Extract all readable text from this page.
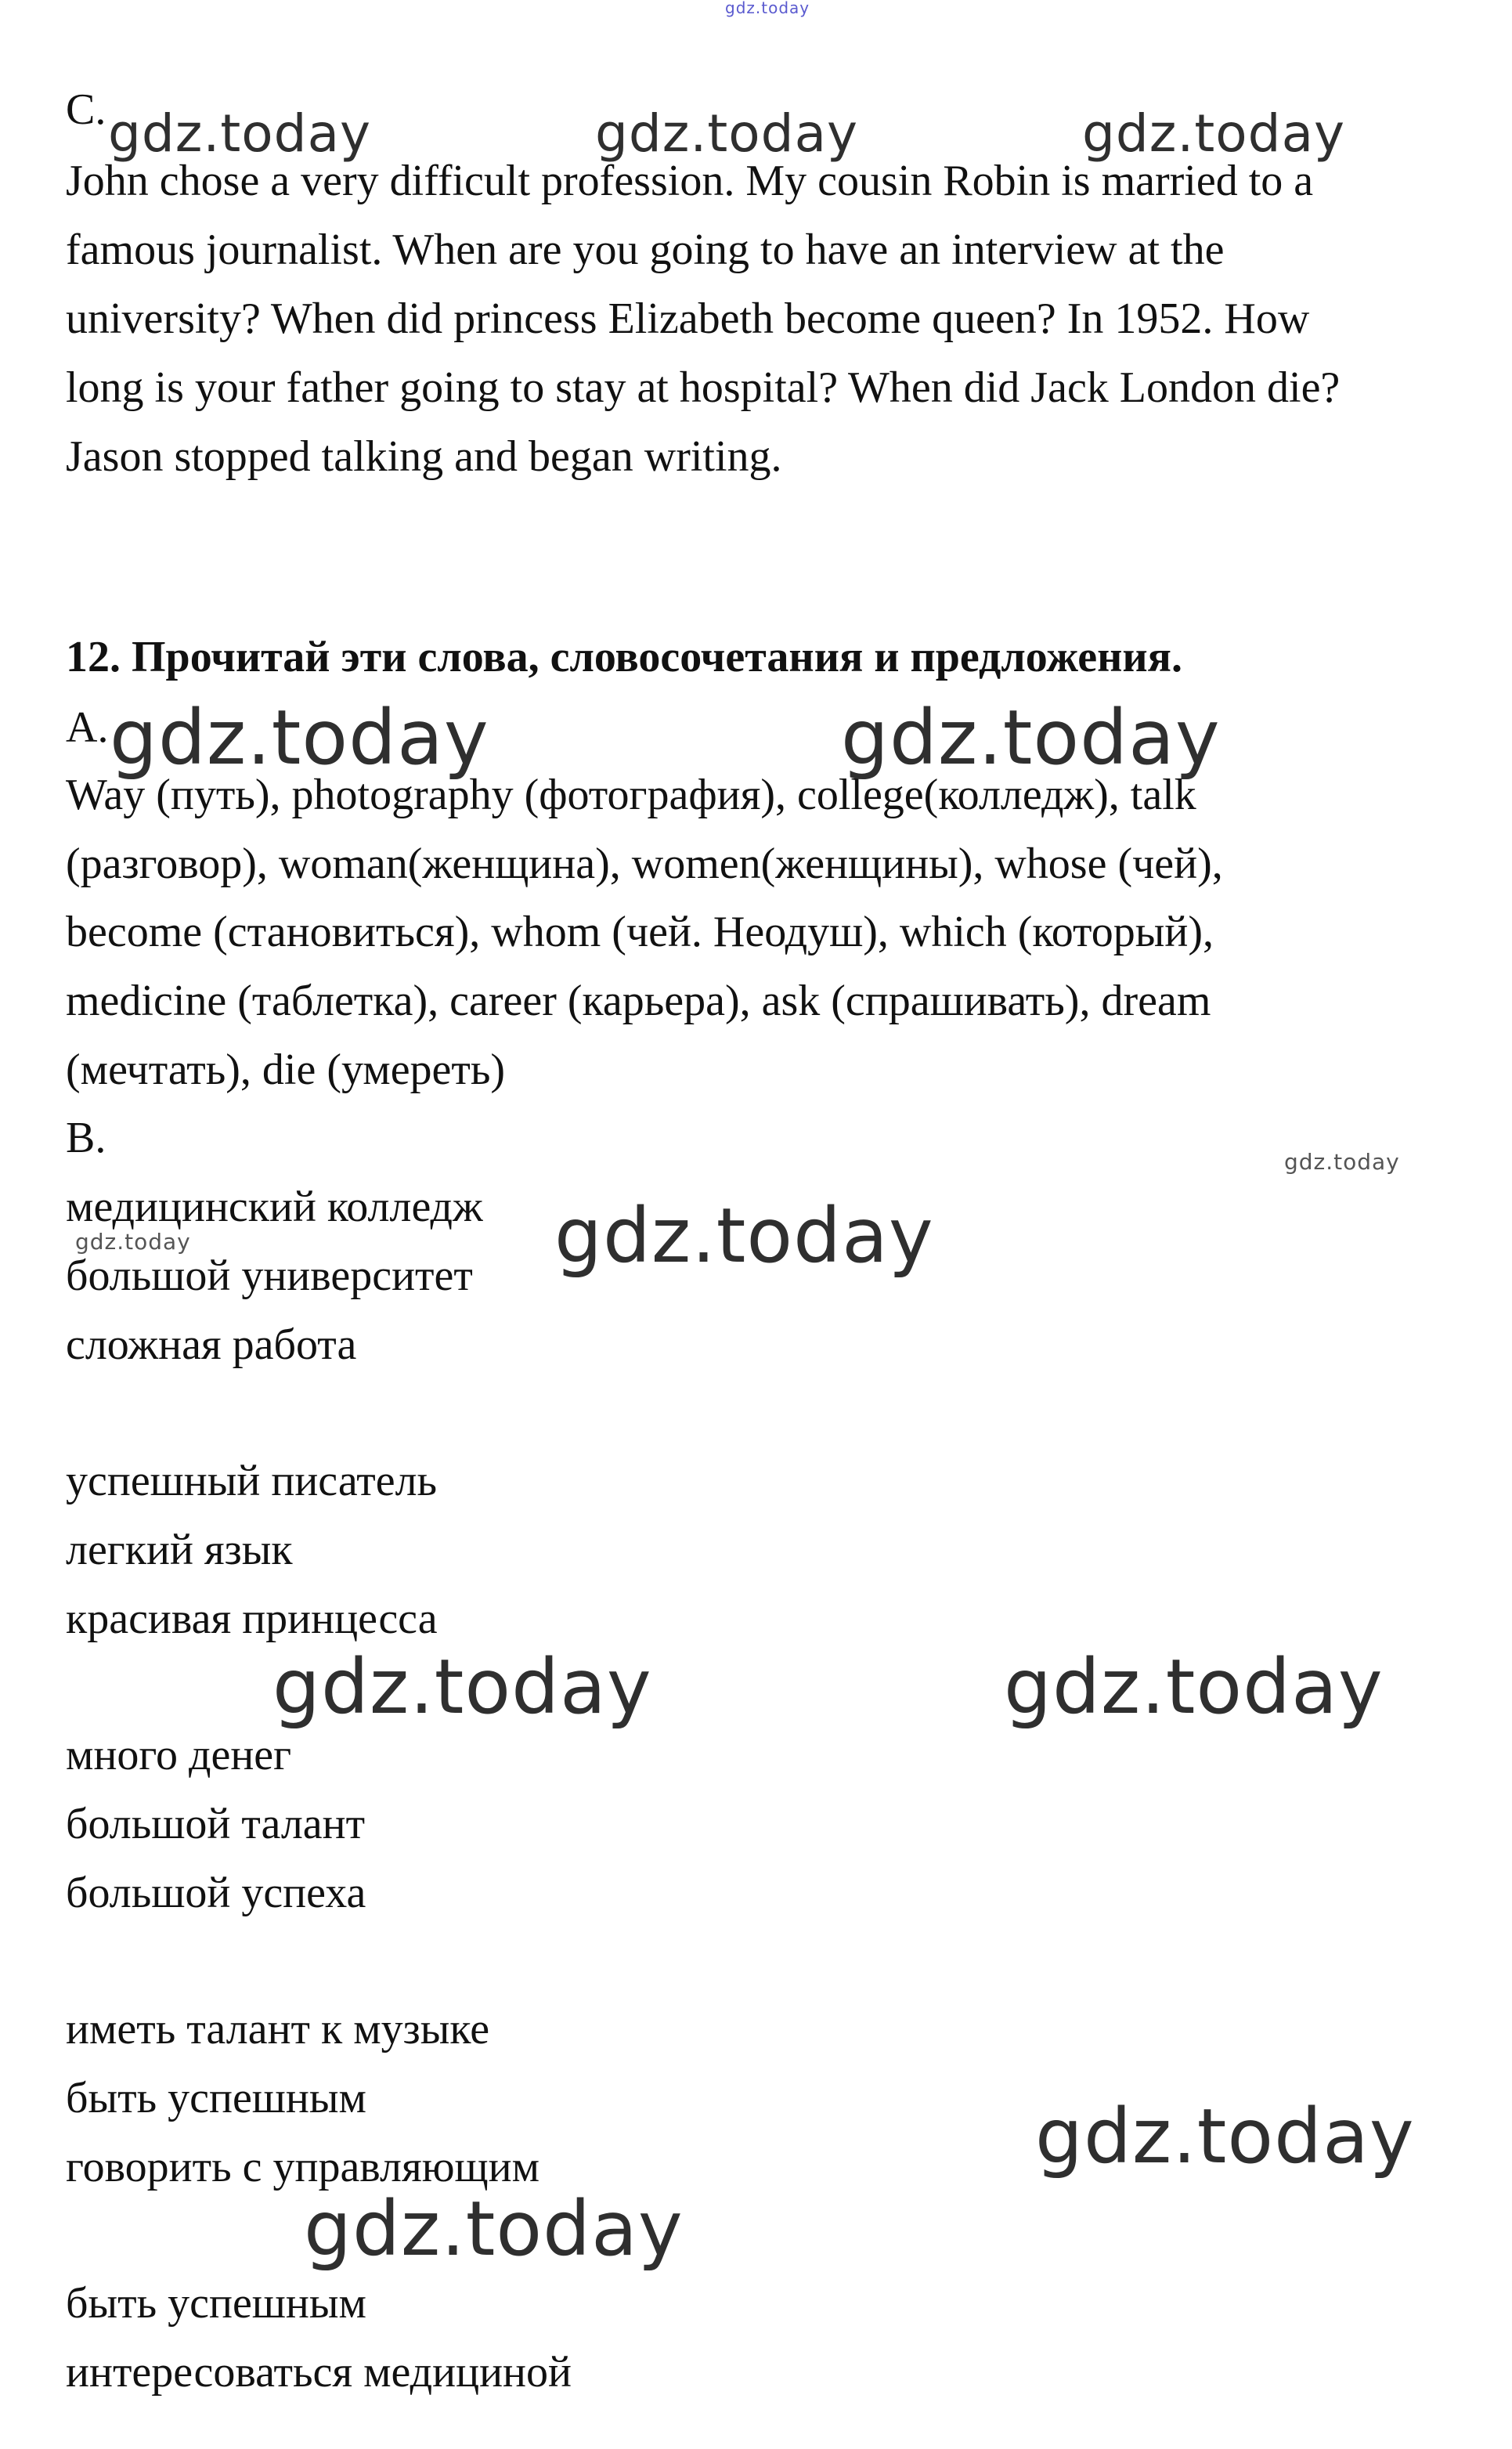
C.
John chose a very difficult profession. My cousin Robin is married to a
famous journalist. When are you going to have an interview at the
university? When did princess Elizabeth become queen? In 1952. How
long is your father going to stay at hospital? When did Jack London die?
Jason stopped talking and began writing.
12. Прочитай эти слова, словосочетания и предложения.
A.
Way (путь), photography (фотография), college(колледж), talk
(разговор), woman(женщина), women(женщины), whose (чей),
become (становиться), whom (чей. Неодуш), which (который),
medicine (таблетка), career (карьера), ask (спрашивать), dream
(мечтать), die (умереть)
B.
медицинский колледж
большой университет
сложная работа
успешный писатель
легкий язык
красивая принцесса
много денег
большой талант
большой успеха
иметь талант к музыке
быть успешным
говорить с управляющим
быть успешным
интересоваться медициной
gdz.today
gdz.today	gdz.today	gdz.today
gdz.today	gdz.today
gdz.today
gdz.today
gdz.today
gdz.today	gdz.today
gdz.today
gdz.today
